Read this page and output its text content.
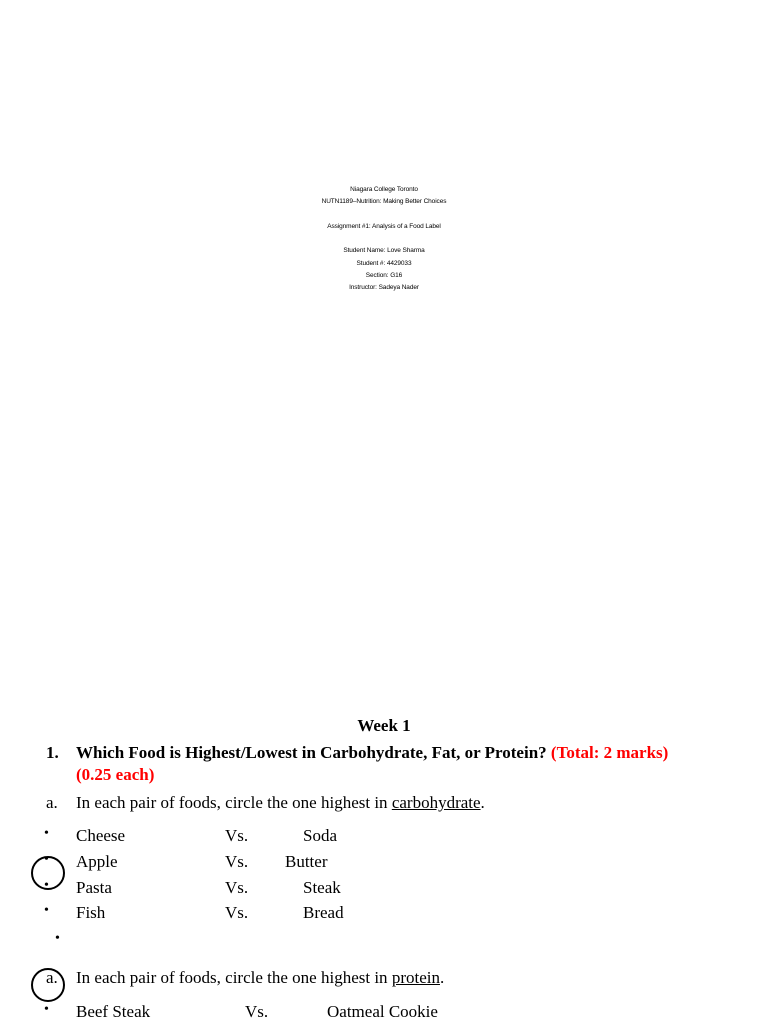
Niagara College Toronto
NUTN1189–Nutrition: Making Better Choices
Assignment #1: Analysis of a Food Label
Student Name: Love Sharma
Student #: 4429033
Section: G16
Instructor: Sadeya Nader
Week 1
1. Which Food is Highest/Lowest in Carbohydrate, Fat, or Protein? (Total: 2 marks)
(0.25 each)
a. In each pair of foods, circle the one highest in carbohydrate.
• Cheese	Vs.	Soda
• Apple	Vs. Butter
• Pasta	Vs.	Steak
• Fish	Vs.	Bread
•
a. In each pair of foods, circle the one highest in protein.
• Beef Steak	Vs.	Oatmeal Cookie
